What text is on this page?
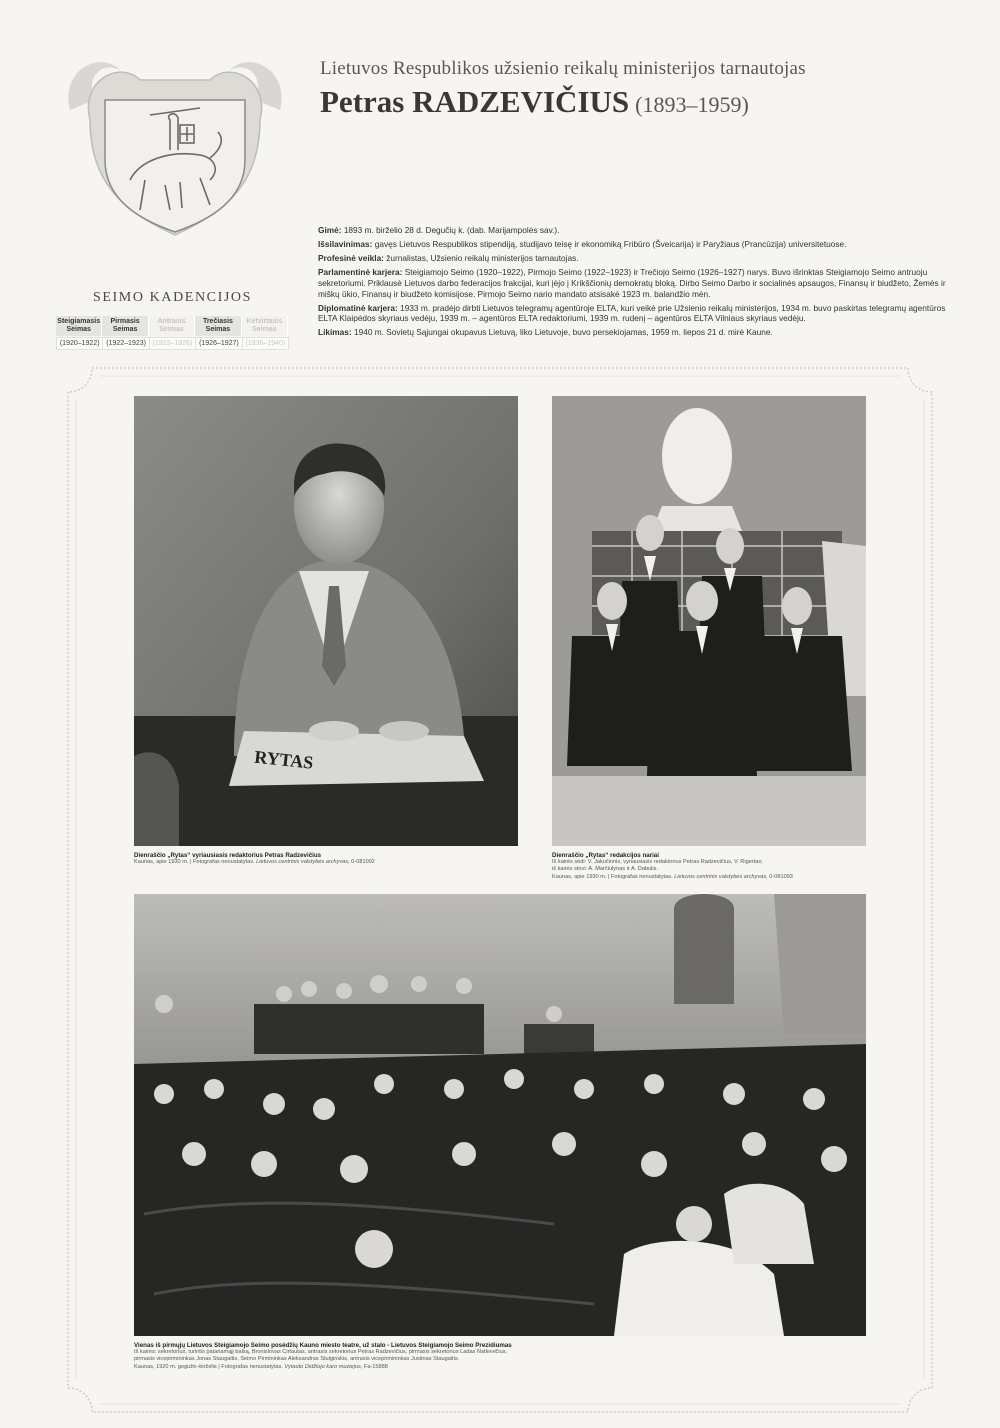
Lietuvos Respublikos užsienio reikalų ministerijos tarnautojas
Petras RADZEVIČIUS (1893–1959)
SEIMO KADENCIJOS
Steigiamasis
Seimas
Pirmasis
Seimas
Antrasis
Seimas
Trečiasis
Seimas
Ketvirtasis
Seimas
(1920–1922) (1922–1923) (1923–1926) (1926–1927) (1936–1940)

Gimė: 1893 m. birželio 28 d. Degučių k. (dab. Marijampolės sav.).

Išsilavinimas: gavęs Lietuvos Respublikos stipendiją, studijavo teisę ir ekonomiką Fribūro (Šveicarija) ir Paryžiaus (Prancūzija) universitetuose.

Profesinė veikla: žurnalistas, Užsienio reikalų ministerijos tarnautojas.

Parlamentinė karjera: Steigiamojo Seimo (1920–1922), Pirmojo Seimo (1922–1923) ir Trečiojo Seimo (1926–1927) narys. Buvo išrinktas Steigiamojo Seimo antruoju sekretoriumi. Priklausė Lietuvos darbo federacijos frakcijai, kuri įėjo į Krikščionių demokratų bloką. Dirbo Seimo Darbo ir socialinės apsaugos, Finansų ir biudžeto, Žemės ir miškų ūkio, Finansų ir biudžeto komisijose. Pirmojo Seimo nario mandato atsisakė 1923 m. balandžio mėn.

Diplomatinė karjera: 1933 m. pradėjo dirbti Lietuvos telegramų agentūroje ELTA, kuri veikė prie Užsienio reikalų ministerijos, 1934 m. buvo paskirtas telegramų agentūros ELTA Klaipėdos skyriaus vedėju, 1939 m. – agentūros ELTA redaktoriumi, 1939 m. rudenį – agentūros ELTA Vilniaus skyriaus vedėju.

Likimas: 1940 m. Sovietų Sąjungai okupavus Lietuvą, liko Lietuvoje, buvo persekiojamas, 1959 m. liepos 21 d. mirė Kaune.

RYTAS
Dienraščio „Rytas“ vyriausiasis redaktorius Petras Radzevičius
Kaunas, apie 1930 m. | Fotografas nenustatytas. Lietuvos centrinis valstybės archyvas, 0-081092
Dienraščio „Rytas“ redakcijos nariai
Iš kairės sėdi: V. Jakučionis, vyriausiasis redaktorius Petras Radzevičius, V. Rigertas;
iš kairės stovi: A. Marčiulynas ir A. Dabulis.
Kaunas, apie 1930 m. | Fotografas nenustatytas. Lietuvos centrinis valstybės archyvas, 0-081093
Vienas iš pirmųjų Lietuvos Steigiamojo Seimo posėdžių Kauno miesto teatre, už stalo - Lietuvos Steigiamojo Seimo Prezidiumas
Iš kairės: sekretorius, turintis patariamąjį balsą, Bronislovas Cirtautas, antrasis sekretorius Petras Radzevičius, pirmasis sekretorius Ladas Natkevičius,
pirmasis vicepirmininkas Jonas Staugaitis, Seimo Pirmininkas Aleksandras Stulginskis, antrasis vicepirmininkas Justinas Staugaitis.
Kaunas, 1920 m. gegužė–birželis | Fotografas nenustatytas. Vytauto Didžiojo karo muziejus, Fa-15888
